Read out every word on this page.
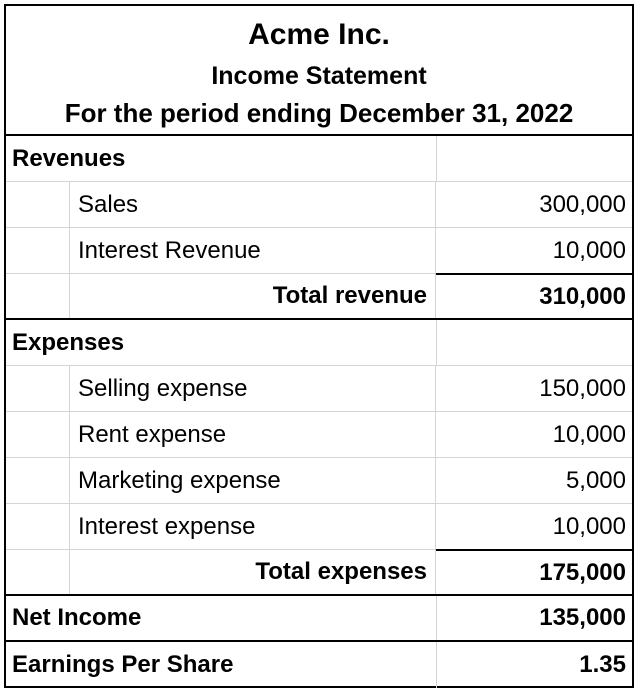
Acme Inc.
Income Statement
For the period ending December 31, 2022
Revenues
Sales	300,000
Interest Revenue	10,000
Total revenue	310,000
Expenses
Selling expense	150,000
Rent expense	10,000
Marketing expense	5,000
Interest expense	10,000
Total expenses	175,000
Net Income	135,000
Earnings Per Share	1.35
